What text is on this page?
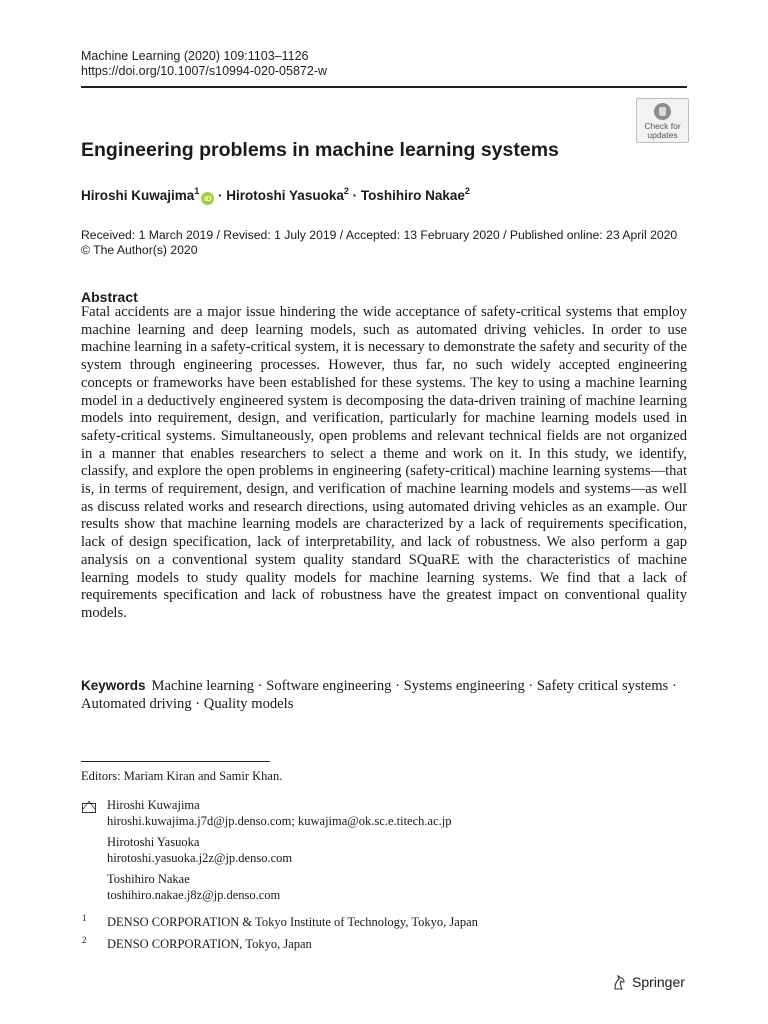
Machine Learning (2020) 109:1103–1126
https://doi.org/10.1007/s10994-020-05872-w
Check for updates
Engineering problems in machine learning systems
Hiroshi Kuwajima$^1$iD · Hirotoshi Yasuoka$^2$ · Toshihiro Nakae$^2$
Received: 1 March 2019 / Revised: 1 July 2019 / Accepted: 13 February 2020 / Published online: 23 April 2020
© The Author(s) 2020
Abstract
Fatal accidents are a major issue hindering the wide acceptance of safety-critical systems that employ machine learning and deep learning models, such as automated driving vehicles. In order to use machine learning in a safety-critical system, it is necessary to demonstrate the safety and security of the system through engineering processes. However, thus far, no such widely accepted engineering concepts or frameworks have been established for these systems. The key to using a machine learning model in a deductively engineered system is decomposing the data-driven training of machine learning models into requirement, design, and verification, particularly for machine learning models used in safety-critical systems. Simultaneously, open problems and relevant technical fields are not organized in a manner that enables researchers to select a theme and work on it. In this study, we identify, classify, and explore the open problems in engineering (safety-critical) machine learning systems—that is, in terms of requirement, design, and verification of machine learning models and systems—as well as discuss related works and research directions, using automated driving vehicles as an example. Our results show that machine learning models are characterized by a lack of requirements specification, lack of design specification, lack of interpretability, and lack of robustness. We also perform a gap analysis on a conventional system quality standard SQuaRE with the characteristics of machine learning models to study quality models for machine learning systems. We find that a lack of requirements specification and lack of robustness have the greatest impact on conventional quality models.
Keywords Machine learning · Software engineering · Systems engineering · Safety critical systems · Automated driving · Quality models
Editors: Mariam Kiran and Samir Khan.
Hiroshi Kuwajima
hiroshi.kuwajima.j7d@jp.denso.com; kuwajima@ok.sc.e.titech.ac.jp
Hirotoshi Yasuoka
hirotoshi.yasuoka.j2z@jp.denso.com
Toshihiro Nakae
toshihiro.nakae.j8z@jp.denso.com
1 DENSO CORPORATION & Tokyo Institute of Technology, Tokyo, Japan
2 DENSO CORPORATION, Tokyo, Japan
Springer
